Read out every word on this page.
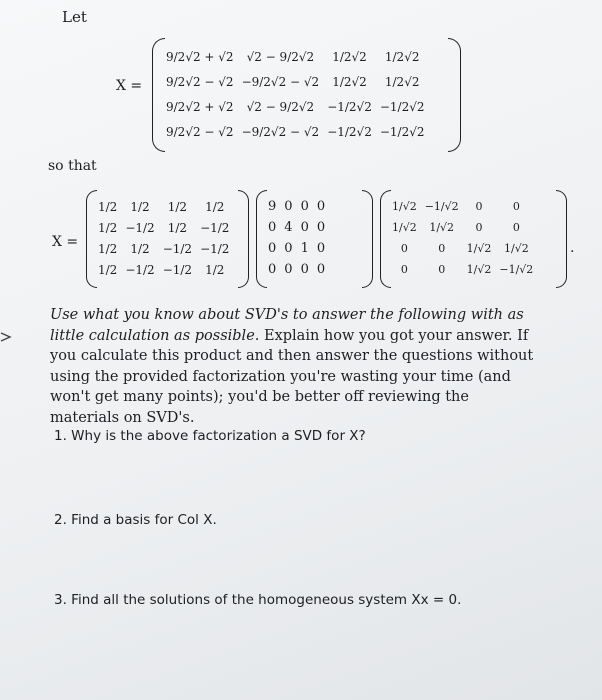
Let
X =
9/2√2 + √2	√2 − 9/2√2	1/2√2	1/2√2
9/2√2 − √2	−9/2√2 − √2	1/2√2	1/2√2
9/2√2 + √2	√2 − 9/2√2	−1/2√2	−1/2√2
9/2√2 − √2	−9/2√2 − √2	−1/2√2	−1/2√2
so that
X =
1/2	1/2	1/2	1/2
1/2	−1/2	1/2	−1/2
1/2	1/2	−1/2	−1/2
1/2	−1/2	−1/2	1/2
9	0	0	0
0	4	0	0
0	0	1	0
0	0	0	0
1/√2	−1/√2	0	0
1/√2	1/√2	0	0
0	0	1/√2	1/√2
0	0	1/√2	−1/√2
.
Use what you know about SVD's to answer the following with as little calculation as possible. Explain how you got your answer. If you calculate this product and then answer the questions without using the provided factorization you're wasting your time (and won't get many points); you'd be better off reviewing the materials on SVD's.
1. Why is the above factorization a SVD for X?
2. Find a basis for Col X.
3. Find all the solutions of the homogeneous system Xx = 0.
